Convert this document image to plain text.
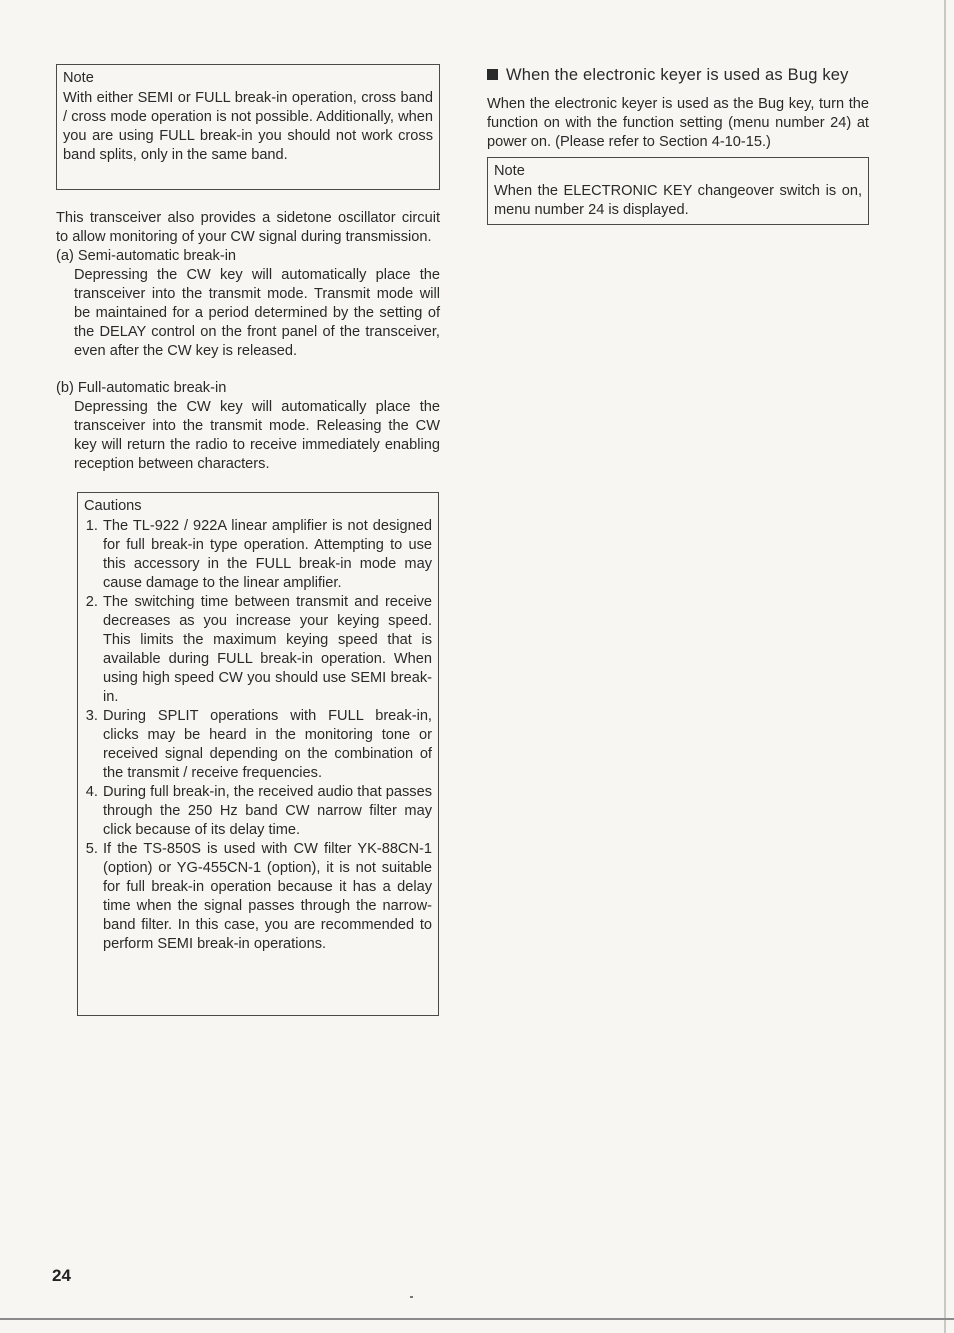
Note

With either SEMI or FULL break-in operation, cross band / cross mode operation is not possible. Additionally, when you are using FULL break-in you should not work cross band splits, only in the same band.

This transceiver also provides a sidetone oscillator circuit to allow monitoring of your CW signal during transmission.

(a) Semi-automatic break-in

Depressing the CW key will automatically place the transceiver into the transmit mode. Transmit mode will be maintained for a period determined by the setting of the DELAY control on the front panel of the transceiver, even after the CW key is released.

(b) Full-automatic break-in

Depressing the CW key will automatically place the transceiver into the transmit mode. Releasing the CW key will return the radio to receive immediately enabling reception between characters.

Cautions
1. The TL-922 / 922A linear amplifier is not designed for full break-in type operation. Attempting to use this accessory in the FULL break-in mode may cause damage to the linear amplifier.
2. The switching time between transmit and receive decreases as you increase your keying speed. This limits the maximum keying speed that is available during FULL break-in operation. When using high speed CW you should use SEMI break-in.
3. During SPLIT operations with FULL break-in, clicks may be heard in the monitoring tone or received signal depending on the combination of the transmit / receive frequencies.
4. During full break-in, the received audio that passes through the 250 Hz band CW narrow filter may click because of its delay time.
5. If the TS-850S is used with CW filter YK-88CN-1 (option) or YG-455CN-1 (option), it is not suitable for full break-in operation because it has a delay time when the signal passes through the narrow-band filter. In this case, you are recommended to perform SEMI break-in operations.
When the electronic keyer is used as Bug key

When the electronic keyer is used as the Bug key, turn the function on with the function setting (menu number 24) at power on. (Please refer to Section 4-10-15.)

Note

When the ELECTRONIC KEY changeover switch is on, menu number 24 is displayed.

24
